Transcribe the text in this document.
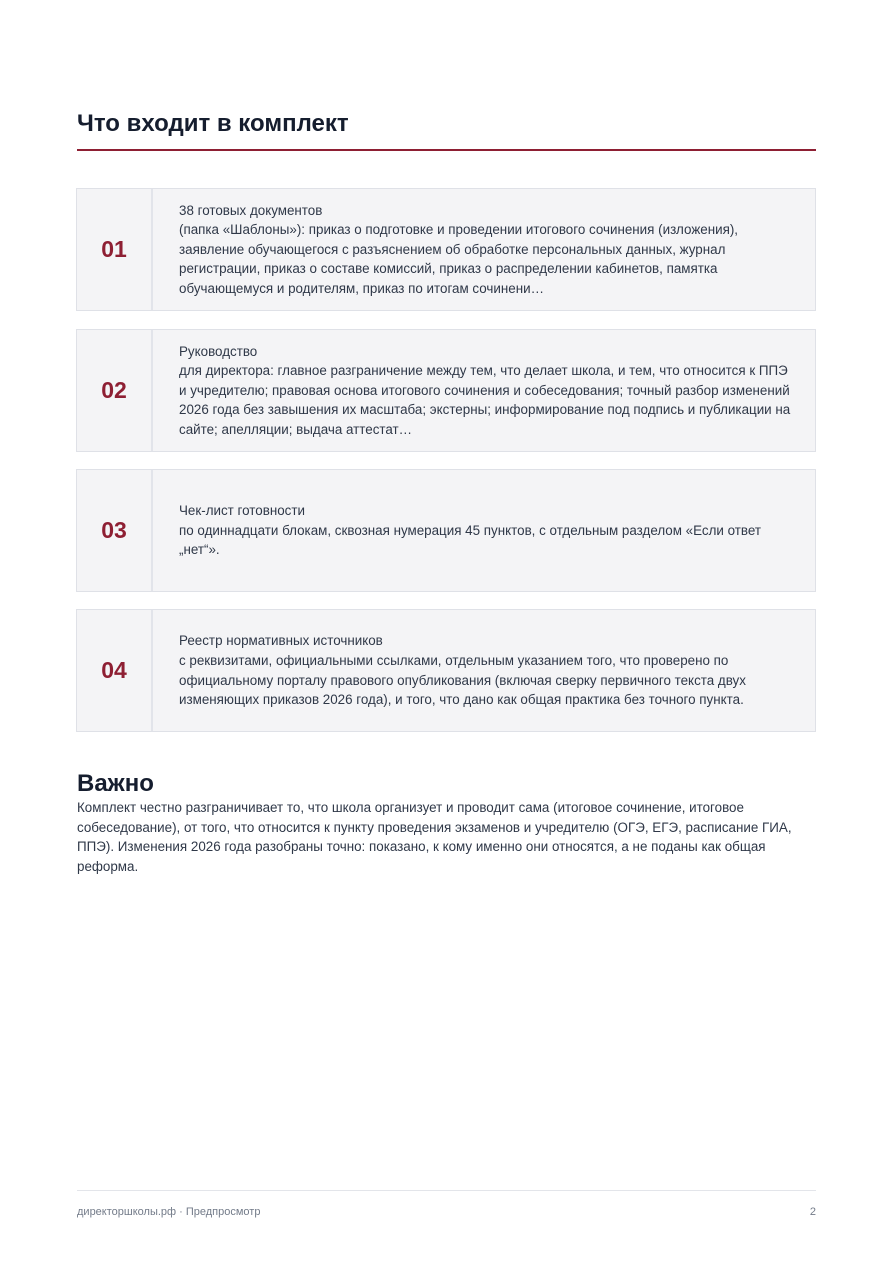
Что входит в комплект
01
38 готовых документов
(папка «Шаблоны»): приказ о подготовке и проведении итогового сочинения (изложения), заявление обучающегося с разъяснением об обработке персональных данных, журнал регистрации, приказ о составе комиссий, приказ о распределении кабинетов, памятка обучающемуся и родителям, приказ по итогам сочинени…
02
Руководство
для директора: главное разграничение между тем, что делает школа, и тем, что относится к ППЭ и учредителю; правовая основа итогового сочинения и собеседования; точный разбор изменений 2026 года без завышения их масштаба; экстерны; информирование под подпись и публикации на сайте; апелляции; выдача аттестат…
03
Чек-лист готовности
по одиннадцати блокам, сквозная нумерация 45 пунктов, с отдельным разделом «Если ответ „нет“».
04
Реестр нормативных источников
с реквизитами, официальными ссылками, отдельным указанием того, что проверено по официальному порталу правового опубликования (включая сверку первичного текста двух изменяющих приказов 2026 года), и того, что дано как общая практика без точного пункта.
Важно

Комплект честно разграничивает то, что школа организует и проводит сама (итоговое сочинение, итоговое собеседование), от того, что относится к пункту проведения экзаменов и учредителю (ОГЭ, ЕГЭ, расписание ГИА, ППЭ). Изменения 2026 года разобраны точно: показано, к кому именно они относятся, а не поданы как общая реформа.

директоршколы.рф · Предпросмотр	2
